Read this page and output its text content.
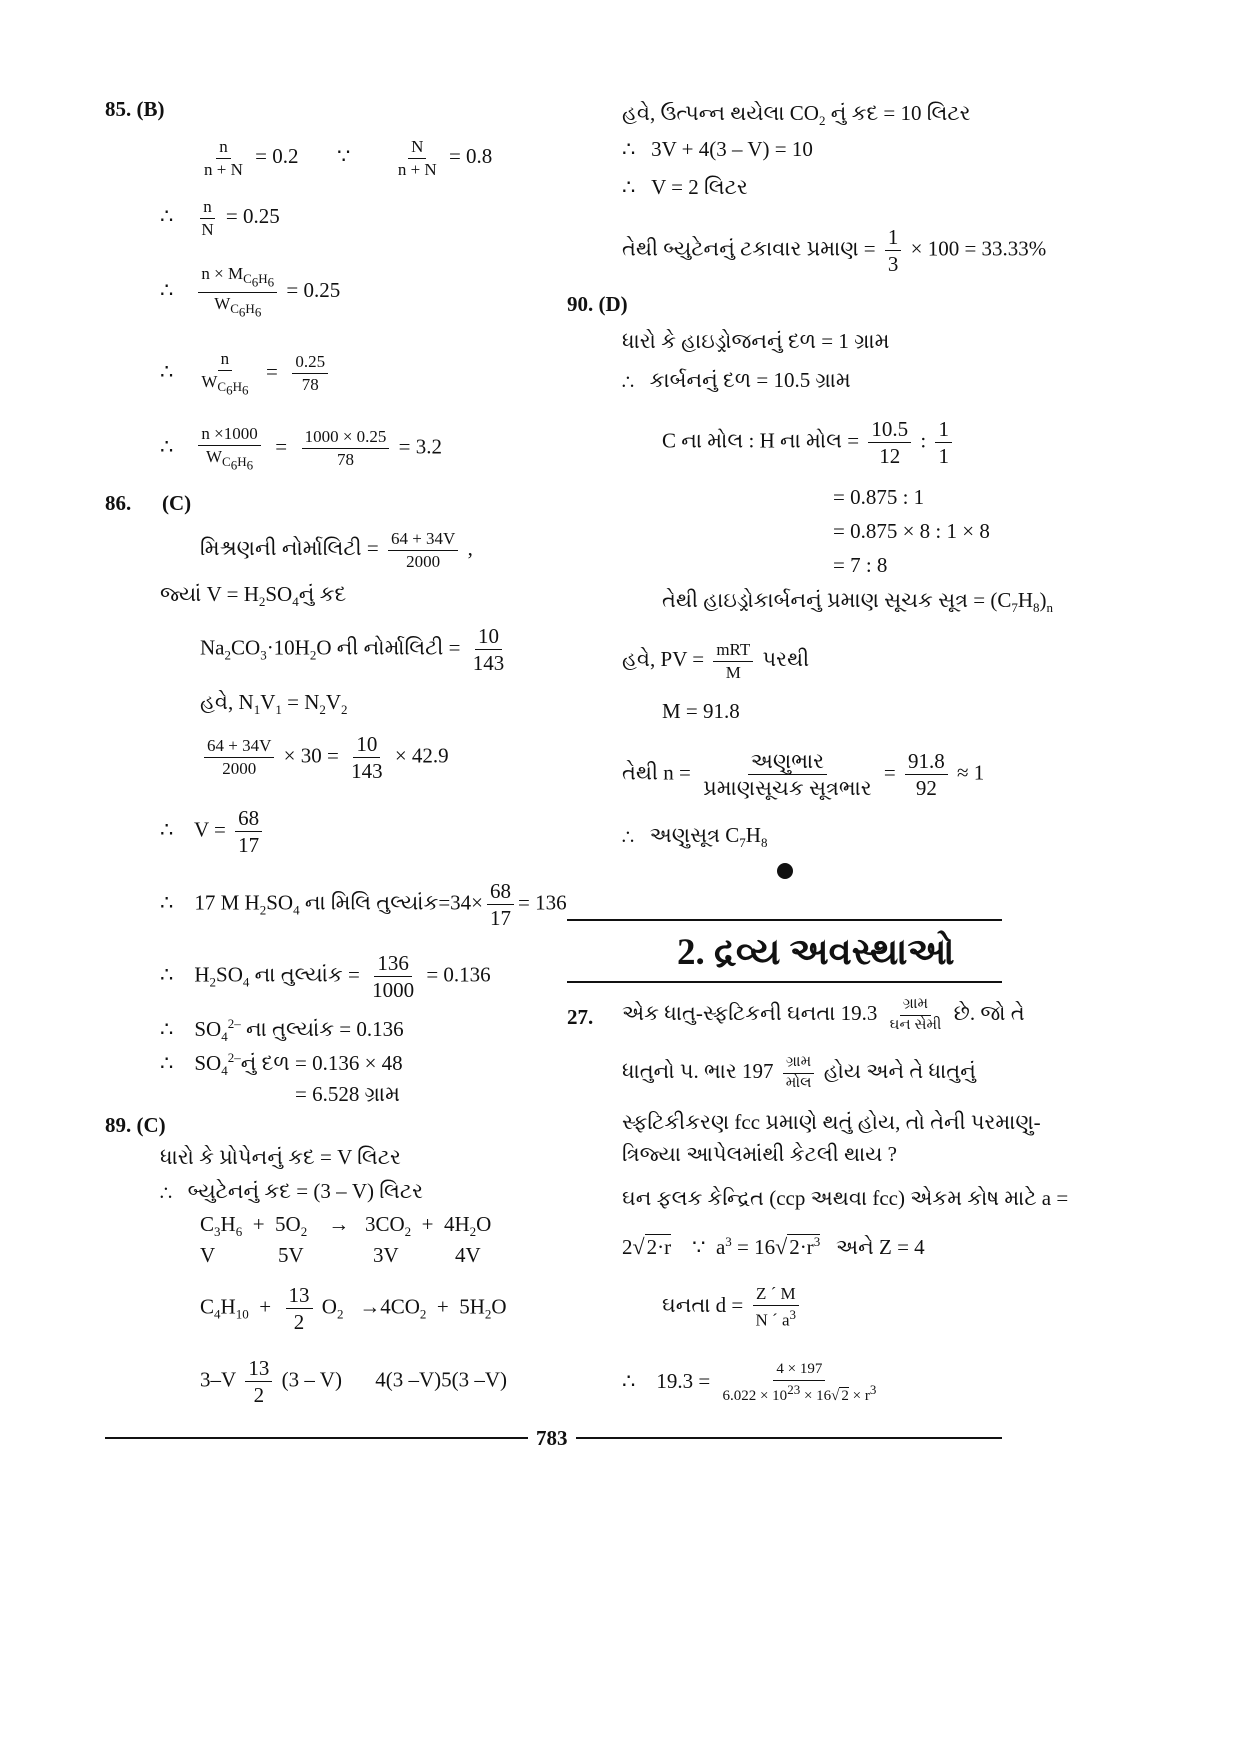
85. (B)
$\frac{n}{n + N} = 0.2$ ∵	$\frac{N}{n + N} = 0.8$
∴ $\frac{n}{N} = 0.25$
∴ $\frac{n \times M_{C_6H_6}}{W_{C_6H_6}} = 0.25$
∴ $\frac{n}{W_{C_6H_6}} = \frac{0.25}{78}$
∴ $\frac{n \times 1000}{W_{C_6H_6}} = \frac{1000 \times 0.25}{78} = 3.2$
86. (C)
મિશ્રણની નોર્માલિટી = $\frac{64 + 34V}{2000}$ ,
જ્યાં $V = H_2SO_4નું$ કદ
$Na_2CO_3\cdot 10H_2O$ ની નોર્માલિટી = $\frac{10}{143}$
હવે, $N_1V_1 = N_2V_2$
$\frac{64 + 34V}{2000} \times 30 = \frac{10}{143} \times 42.9$
∴ $V = \frac{68}{17}$
∴ 17 M $H_2SO_4$ ના મિલિ તુલ્યાંક=34× $\frac{68}{17} = 136$
∴    $H_2SO_4$ ના તુલ્યાંક = $\frac{136}{1000} = 0.136$
∴    $SO_4^{2-}$ ના તુલ્યાંક = 0.136
∴    $SO_4^{2-}નું$ દળ = 0.136 × 48
= 6.528 ગ્રામ
89. (C)
ધારો કે પ્રોપેનનું કદ = V લિટર
∴ બ્યુટેનનું કદ = (3 – V) લિટર
$C_3H_6 + 5O_2$    →   $3CO_2 + 4H_2O$
V	5V	3V	4V
$C_4H_{10} + \frac{13}{2} O_2 \to 4CO_2 + 5H_2O$
$3-V \frac{13}{2} (3 - V)$ 4(3 –V)5(3 –V)
હવે, ઉત્પન્ન થયેલા $CO_2$ નું કદ = 10 લિટર
∴ 3V + 4(3 – V) = 10
∴ V = 2 લિટર
તેથી બ્યુટેનનું ટકાવાર પ્રમાણ = $\frac{1}{3} \times 100 = 33.33\%$
90. (D)
ધારો કે હાઇડ્રોજનનું દળ = 1 ગ્રામ
∴ કાર્બનનું દળ = 10.5 ગ્રામ
C ના મોલ : H ના મોલ = $\frac{10.5}{12}$ : $\frac{1}{1}$
= 0.875 : 1
= 0.875 × 8 : 1 × 8
= 7 : 8
તેથી હાઇડ્રોકાર્બનનું પ્રમાણ સૂચક સૂત્ર = $(C_7H_8)_n$
હવે, PV = $\frac{\text{mRT}}{M}$ પરથી
M = 91.8
તેથી $n = \frac{\text{અણુભાર}}{\text{પ્રમાણસૂચક સૂત્રભાર}} = \frac{91.8}{92} \approx 1$
∴ અણુસૂત્ર $C_7H_8$
2. દ્રવ્ય અવસ્થાઓ
27. એક ધાતુ-સ્ફટિકની ઘનતા $19.3 \frac{\text{ગ્રામ}}{\text{ઘન સેમી}}$ છે. જો તે
ધાતુનો પ. ભાર $197 \frac{\text{ગ્રામ}}{\text{મોલ}}$ હોય અને તે ધાતુનું
સ્ફટિકીકરણ fcc પ્રમાણે થતું હોય, તો તેની પરમાણુ-
ત્રિજ્યા આપેલમાંથી કેટલી થાય ?
ઘન ફલક કેન્દ્રિત (ccp અથવા fcc) એકમ કોષ માટે a =
2√2·r    ∵  $a^3 = 16√2\cdot r^3$ અને Z = 4
ઘનતા $d = \frac{Z ´ M}{N ´ a^3}$
∴ $19.3 = \frac{4 \times 197}{6.022 \times 10^{23} \times 16√ 2 \times r^3}$
783
